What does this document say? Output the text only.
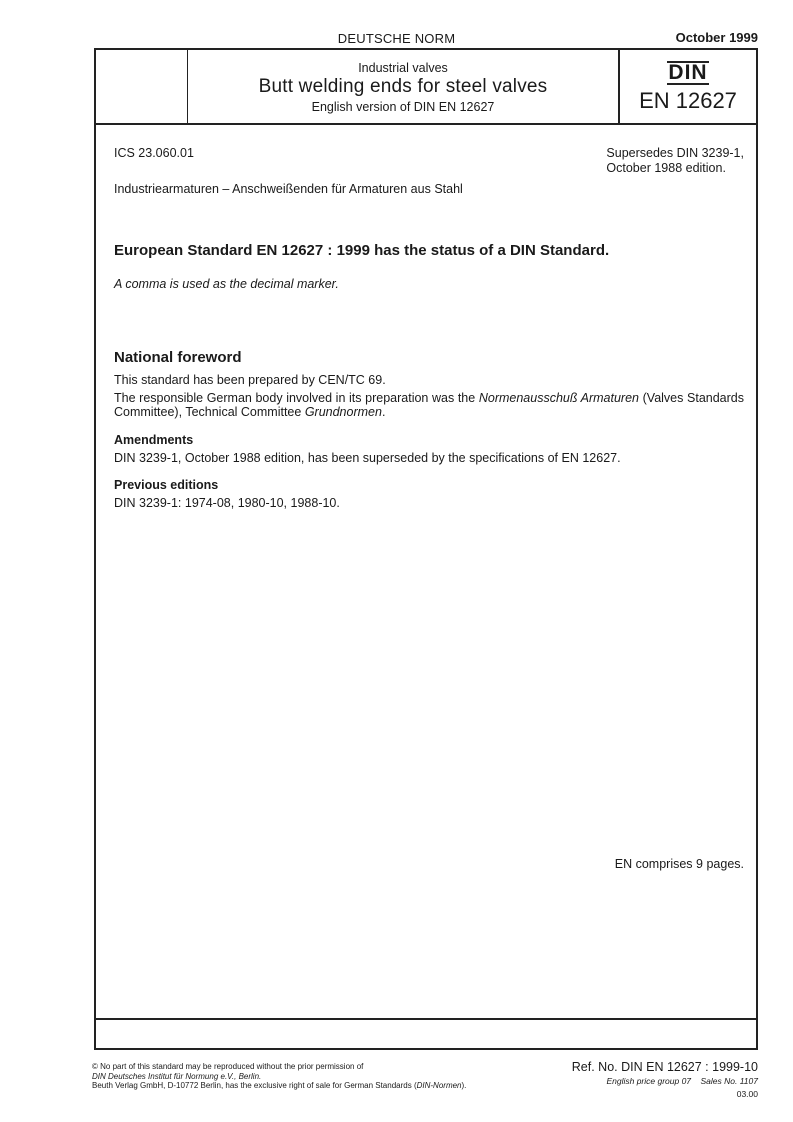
DEUTSCHE NORM	October 1999
Industrial valves
Butt welding ends for steel valves
English version of DIN EN 12627
DIN
EN 12627
ICS 23.060.01	Supersedes DIN 3239-1,
October 1988 edition.
Industriearmaturen – Anschweißenden für Armaturen aus Stahl
European Standard EN 12627 : 1999 has the status of a DIN Standard.
A comma is used as the decimal marker.
National foreword
This standard has been prepared by CEN/TC 69.
The responsible German body involved in its preparation was the Normenausschuß Armaturen (Valves Standards Committee), Technical Committee Grundnormen.
Amendments
DIN 3239-1, October 1988 edition, has been superseded by the specifications of EN 12627.
Previous editions
DIN 3239-1: 1974-08, 1980-10, 1988-10.
EN comprises 9 pages.
© No part of this standard may be reproduced without the prior permission of
DIN Deutsches Institut für Normung e.V., Berlin.
Beuth Verlag GmbH, D-10772 Berlin, has the exclusive right of sale for German Standards (DIN-Normen).
Ref. No. DIN EN 12627 : 1999-10
English price group 07 Sales No. 1107
03.00
